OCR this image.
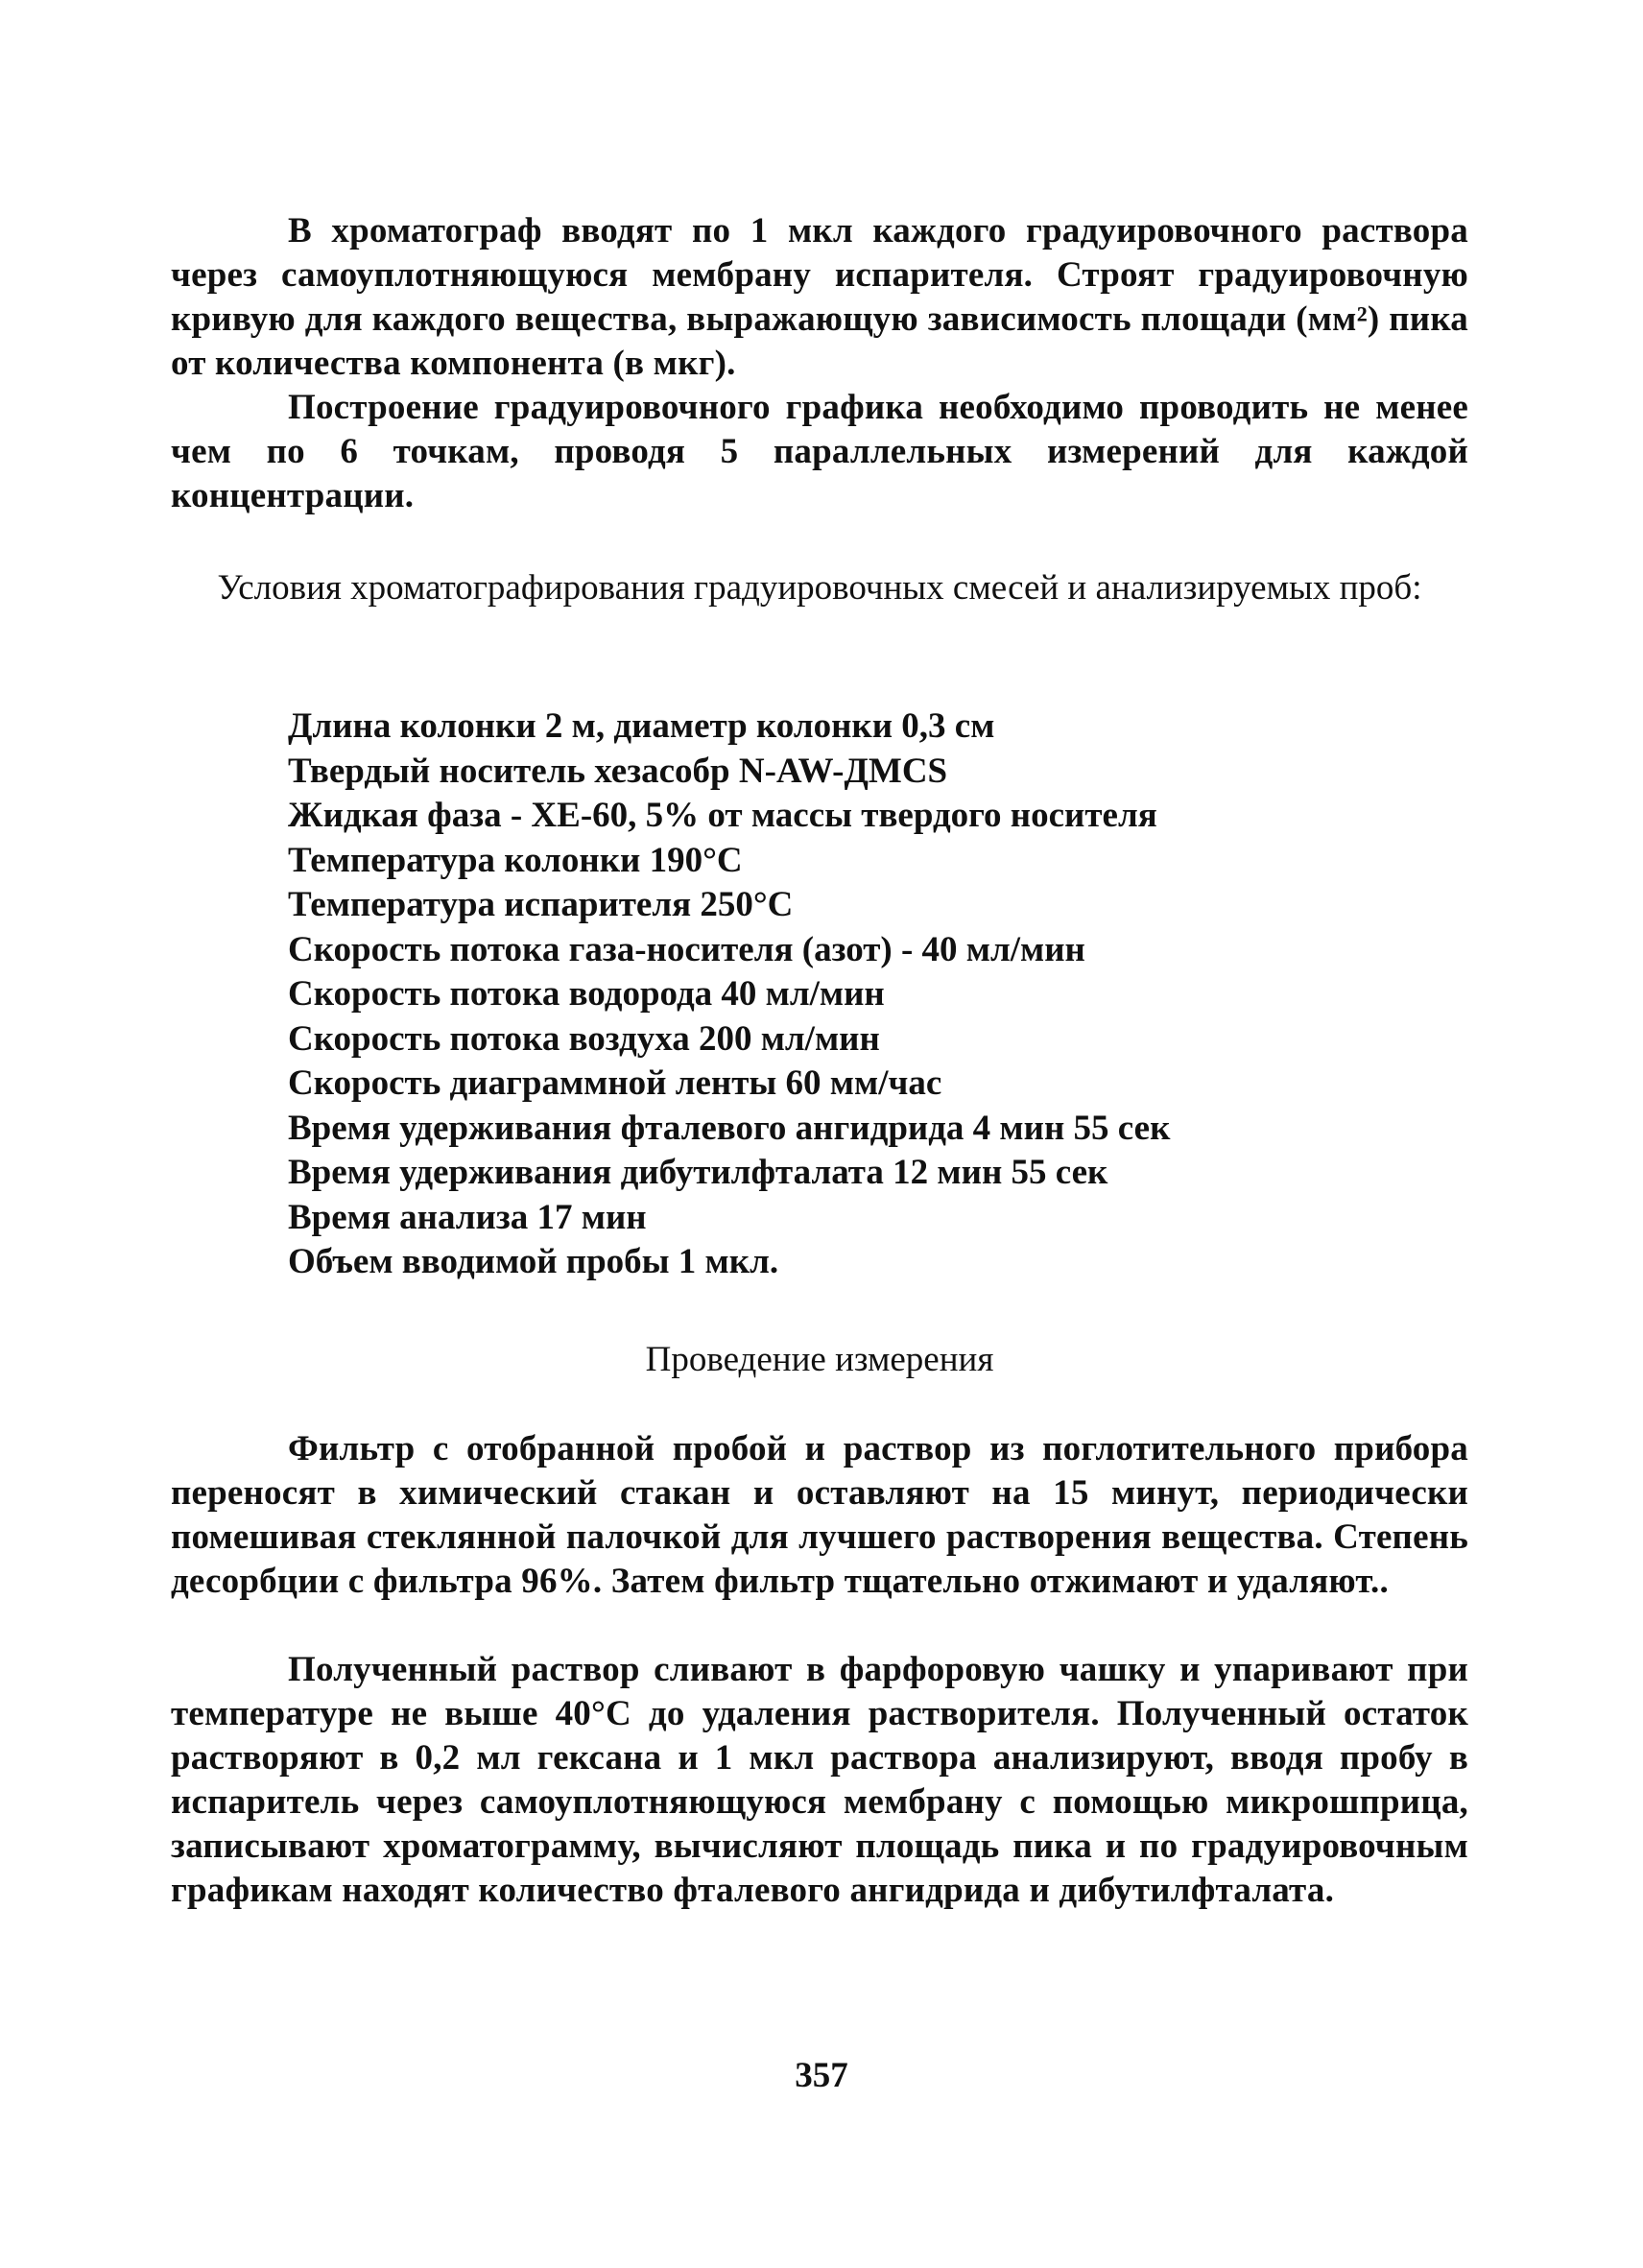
В хроматограф вводят по 1 мкл каждого градуировочного раствора через самоуплотняющуюся мембрану испарителя. Строят градуировочную кривую для каждого вещества, выражающую зависимость площади (мм²) пика от количества компонента (в мкг).

Построение градуировочного графика необходимо проводить не менее чем по 6 точкам, проводя 5 параллельных измерений для каждой концентрации.

Условия хроматографирования градуировочных смесей и анализируемых проб:

Длина колонки 2 м, диаметр колонки 0,3 см
Твердый носитель хезасобр N-AW-ДMCS
Жидкая фаза - XE-60, 5% от массы твердого носителя
Температура колонки 190°С
Температура испарителя 250°С
Скорость потока газа-носителя (азот) - 40 мл/мин
Скорость потока водорода 40 мл/мин
Скорость потока воздуха 200 мл/мин
Скорость диаграммной ленты 60 мм/час
Время удерживания фталевого ангидрида 4 мин 55 сек
Время удерживания дибутилфталата 12 мин 55 сек
Время анализа 17 мин
Объем вводимой пробы 1 мкл.

Проведение измерения

Фильтр с отобранной пробой и раствор из поглотительного прибора переносят в химический стакан и оставляют на 15 минут, периодически помешивая стеклянной палочкой для лучшего растворения вещества. Степень десорбции с фильтра 96%. Затем фильтр тщательно отжимают и удаляют..

Полученный раствор сливают в фарфоровую чашку и упаривают при температуре не выше 40°С до удаления растворителя. Полученный остаток растворяют в 0,2 мл гексана и 1 мкл раствора анализируют, вводя пробу в испаритель через самоуплотняющуюся мембрану с помощью микрошприца, записывают хроматограмму, вычисляют площадь пика и по градуировочным графикам находят количество фталевого ангидрида и дибутилфталата.

357
